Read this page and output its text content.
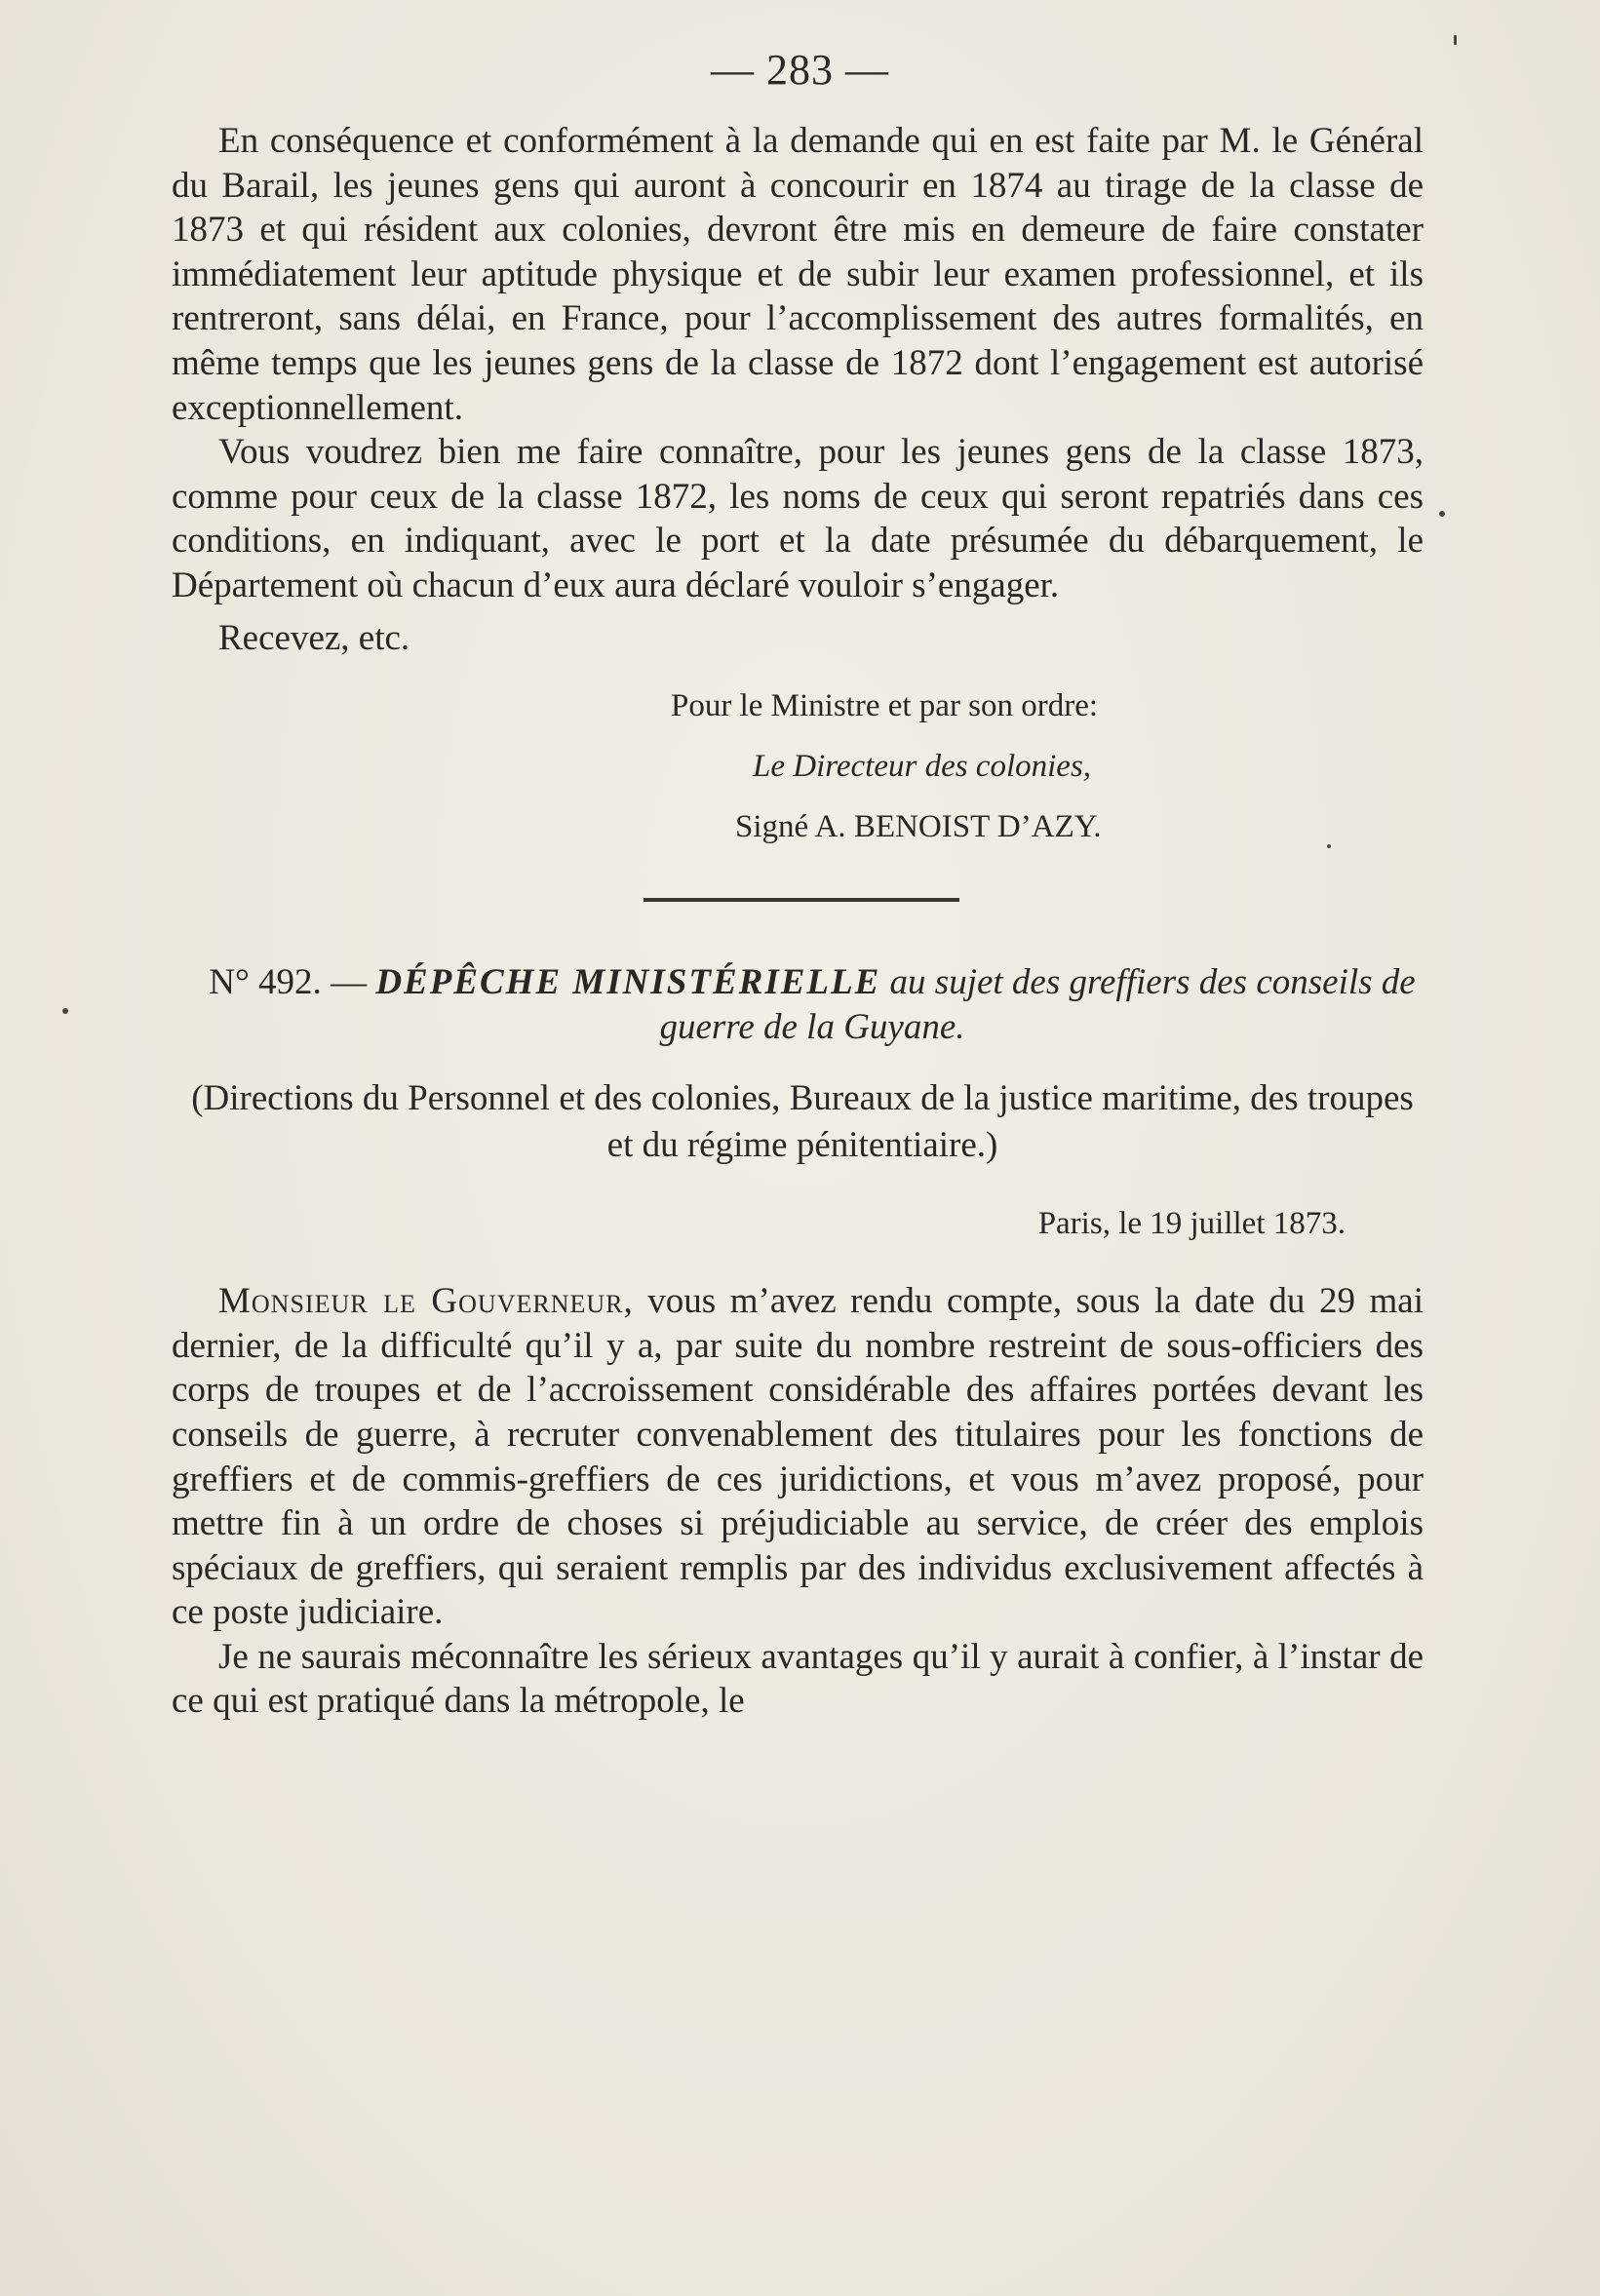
— 283 —

En conséquence et conformément à la demande qui en est faite par M. le Général du Barail, les jeunes gens qui auront à concourir en 1874 au tirage de la classe de 1873 et qui résident aux colonies, devront être mis en demeure de faire constater immédiatement leur aptitude physique et de subir leur examen professionnel, et ils rentreront, sans délai, en France, pour l’accomplissement des autres formalités, en même temps que les jeunes gens de la classe de 1872 dont l’engagement est autorisé exceptionnellement.

Vous voudrez bien me faire connaître, pour les jeunes gens de la classe 1873, comme pour ceux de la classe 1872, les noms de ceux qui seront repatriés dans ces conditions, en indiquant, avec le port et la date présumée du débarquement, le Département où chacun d’eux aura déclaré vouloir s’engager.

Recevez, etc.

Pour le Ministre et par son ordre:
Le Directeur des colonies,
Signé A. BENOIST D’AZY.
N° 492. — DÉPÊCHE MINISTÉRIELLE au sujet des greffiers des conseils de guerre de la Guyane.
(Directions du Personnel et des colonies, Bureaux de la justice maritime, des troupes et du régime pénitentiaire.)
Paris, le 19 juillet 1873.

Monsieur le Gouverneur, vous m’avez rendu compte, sous la date du 29 mai dernier, de la difficulté qu’il y a, par suite du nombre restreint de sous-officiers des corps de troupes et de l’accroissement considérable des affaires portées devant les conseils de guerre, à recruter convenablement des titulaires pour les fonctions de greffiers et de commis-greffiers de ces juridictions, et vous m’avez proposé, pour mettre fin à un ordre de choses si préjudiciable au service, de créer des emplois spéciaux de greffiers, qui seraient remplis par des individus exclusivement affectés à ce poste judiciaire.

Je ne saurais méconnaître les sérieux avantages qu’il y aurait à confier, à l’instar de ce qui est pratiqué dans la métropole, le
